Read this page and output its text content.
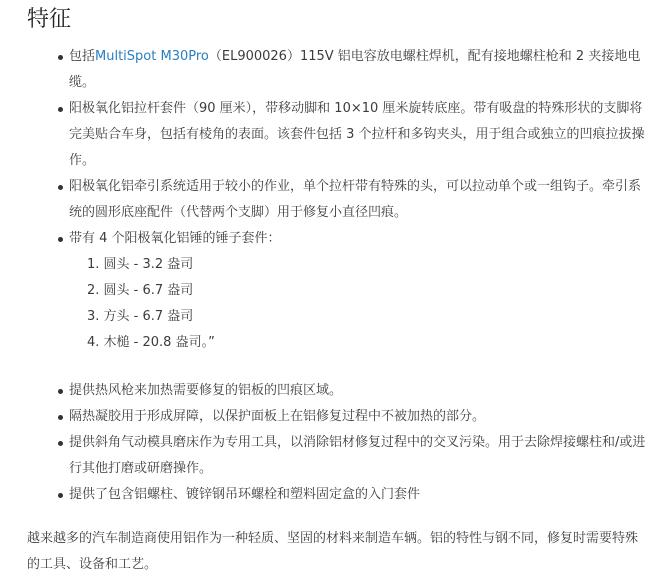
特征
包括MultiSpot M30Pro（EL900026）115V 铝电容放电螺柱焊机，配有接地螺柱枪和 2 夹接地电缆。
阳极氧化铝拉杆套件（90 厘米），带移动脚和 10×10 厘米旋转底座。带有吸盘的特殊形状的支脚将完美贴合车身，包括有棱角的表面。该套件包括 3 个拉杆和多钩夹头，用于组合或独立的凹痕拉拔操作。
阳极氧化铝牵引系统适用于较小的作业，单个拉杆带有特殊的头，可以拉动单个或一组钩子。牵引系统的圆形底座配件（代替两个支脚）用于修复小直径凹痕。
带有 4 个阳极氧化铝锤的锤子套件：
1. 圆头 - 3.2 盎司
2. 圆头 - 6.7 盎司
3. 方头 - 6.7 盎司
4. 木槌 - 20.8 盎司。”
提供热风枪来加热需要修复的铝板的凹痕区域。
隔热凝胶用于形成屏障，以保护面板上在铝修复过程中不被加热的部分。
提供斜角气动模具磨床作为专用工具，以消除铝材修复过程中的交叉污染。用于去除焊接螺柱和/或进行其他打磨或研磨操作。
提供了包含铝螺柱、镀锌钢吊环螺栓和塑料固定盒的入门套件

越来越多的汽车制造商使用铝作为一种轻质、坚固的材料来制造车辆。铝的特性与钢不同，修复时需要特殊的工具、设备和工艺。
